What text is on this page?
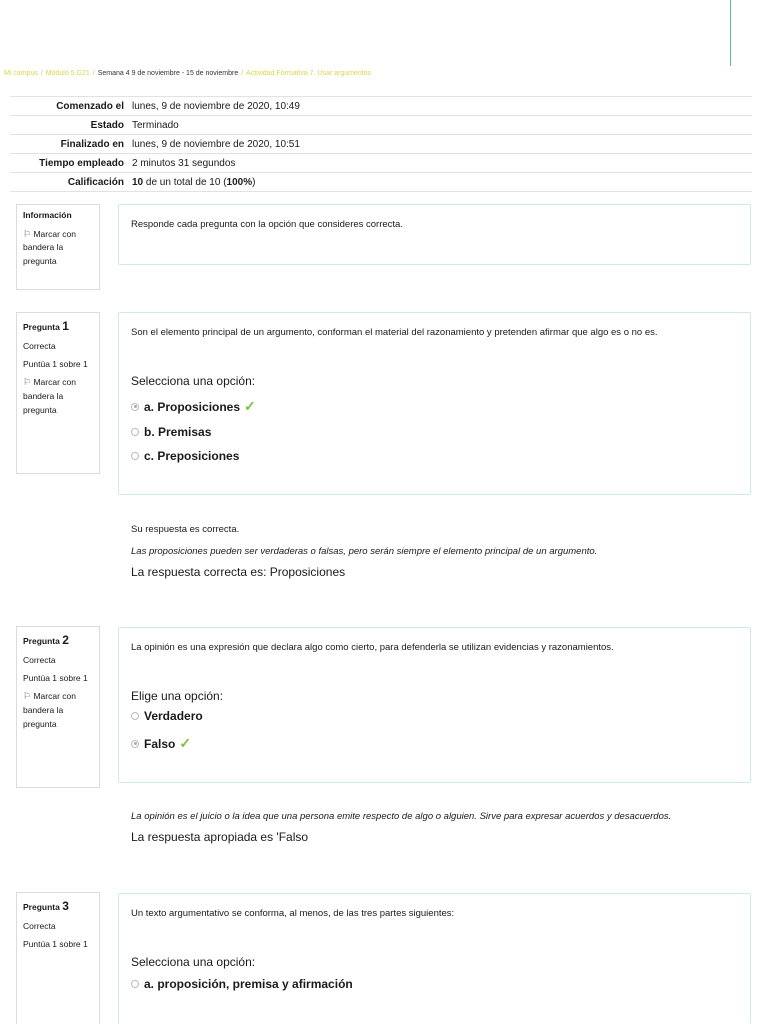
Mi campus / Módulo 5 G21 / Semana 4 9 de noviembre - 15 de noviembre / Actividad Formativa 7. Usar argumentos
Comenzado el	lunes, 9 de noviembre de 2020, 10:49
Estado	Terminado
Finalizado en	lunes, 9 de noviembre de 2020, 10:51
Tiempo empleado	2 minutos 31 segundos
Calificación	10 de un total de 10 (100%)
Información
⚐ Marcar con bandera la pregunta
Responde cada pregunta con la opción que consideres correcta.
Pregunta 1
Correcta
Puntúa 1 sobre 1
⚐ Marcar con bandera la pregunta
Son el elemento principal de un argumento, conforman el material del razonamiento y pretenden afirmar que algo es o no es.
Selecciona una opción:
a. Proposiciones ✓
b. Premisas
c. Preposiciones
Su respuesta es correcta.
Las proposiciones pueden ser verdaderas o falsas, pero serán siempre el elemento principal de un argumento.
La respuesta correcta es: Proposiciones
Pregunta 2
Correcta
Puntúa 1 sobre 1
⚐ Marcar con bandera la pregunta
La opinión es una expresión que declara algo como cierto, para defenderla se utilizan evidencias y razonamientos.
Elige una opción:
Verdadero
Falso ✓
La opinión es el juicio o la idea que una persona emite respecto de algo o alguien. Sirve para expresar acuerdos y desacuerdos.
La respuesta apropiada es 'Falso
Pregunta 3
Correcta
Puntúa 1 sobre 1
Un texto argumentativo se conforma, al menos, de las tres partes siguientes:
Selecciona una opción:
a. proposición, premisa y afirmación
